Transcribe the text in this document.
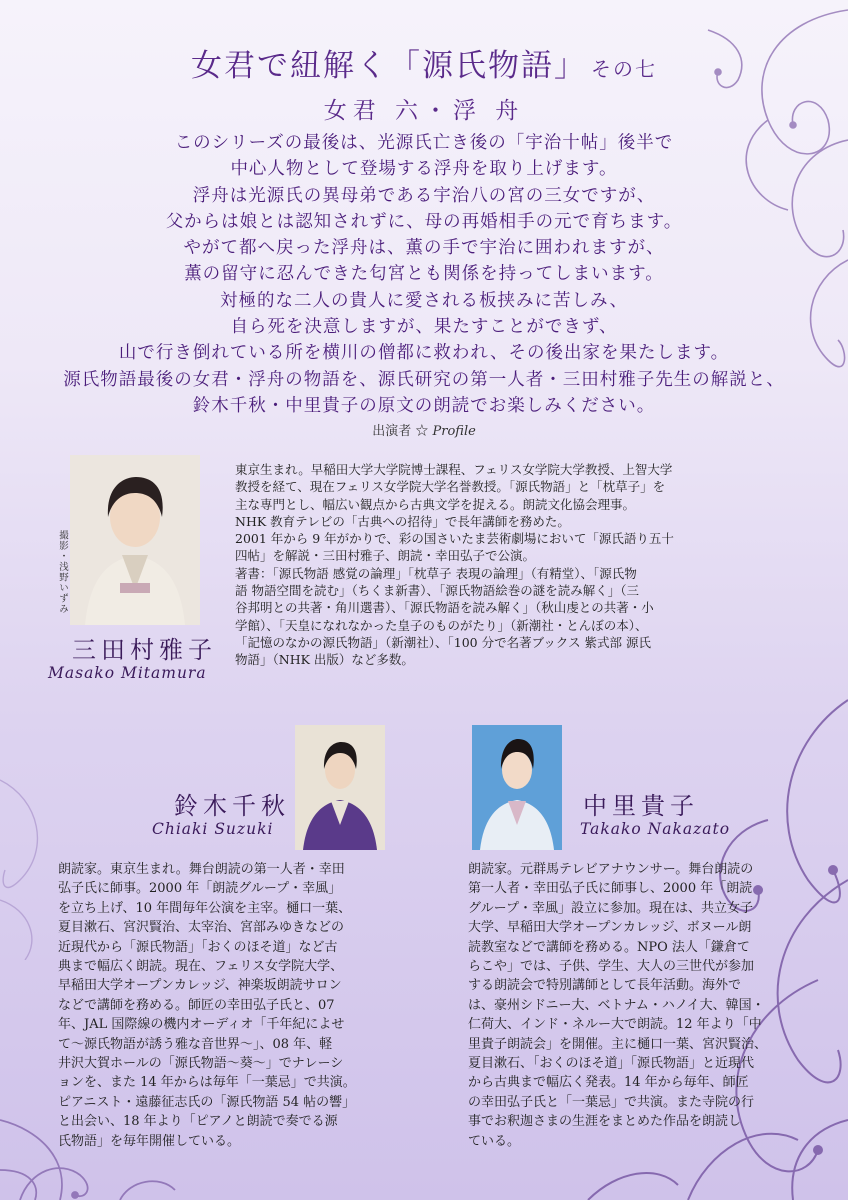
女君で紐解く「源氏物語」 その七
女君 六・浮 舟
このシリーズの最後は、光源氏亡き後の「宇治十帖」後半で
中心人物として登場する浮舟を取り上げます。
浮舟は光源氏の異母弟である宇治八の宮の三女ですが、
父からは娘とは認知されずに、母の再婚相手の元で育ちます。
やがて都へ戻った浮舟は、薫の手で宇治に囲われますが、
薫の留守に忍んできた匂宮とも関係を持ってしまいます。
対極的な二人の貴人に愛される板挟みに苦しみ、
自ら死を決意しますが、果たすことができず、
山で行き倒れている所を横川の僧都に救われ、その後出家を果たします。
源氏物語最後の女君・浮舟の物語を、源氏研究の第一人者・三田村雅子先生の解説と、
鈴木千秋・中里貴子の原文の朗読でお楽しみください。
出演者 ☆ Profile
撮影・浅野いずみ
三田村雅子
Masako Mitamura
東京生まれ。早稲田大学大学院博士課程、フェリス女学院大学教授、上智大学
教授を経て、現在フェリス女学院大学名誉教授。「源氏物語」と「枕草子」を
主な専門とし、幅広い観点から古典文学を捉える。朗読文化協会理事。
NHK 教育テレビの「古典への招待」で長年講師を務めた。
2001 年から 9 年がかりで、彩の国さいたま芸術劇場において「源氏語り五十
四帖」を解説・三田村雅子、朗読・幸田弘子で公演。
著書：「源氏物語 感覚の論理」「枕草子 表現の論理」（有精堂）、「源氏物
語 物語空間を読む」（ちくま新書）、「源氏物語絵巻の謎を読み解く」（三
谷邦明との共著・角川選書）、「源氏物語を読み解く」（秋山虔との共著・小
学館）、「天皇になれなかった皇子のものがたり」（新潮社・とんぼの本）、
「記憶のなかの源氏物語」（新潮社）、「100 分で名著ブックス 紫式部 源氏
物語」（NHK 出版）など多数。
鈴木千秋
Chiaki Suzuki
朗読家。東京生まれ。舞台朗読の第一人者・幸田
弘子氏に師事。2000 年「朗読グループ・幸風」
を立ち上げ、10 年間毎年公演を主宰。樋口一葉、
夏目漱石、宮沢賢治、太宰治、宮部みゆきなどの
近現代から「源氏物語」「おくのほそ道」など古
典まで幅広く朗読。現在、フェリス女学院大学、
早稲田大学オープンカレッジ、神楽坂朗読サロン
などで講師を務める。師匠の幸田弘子氏と、07
年、JAL 国際線の機内オーディオ「千年紀によせ
て〜源氏物語が誘う雅な音世界〜」、08 年、軽
井沢大賀ホールの「源氏物語〜葵〜」でナレーシ
ョンを、また 14 年からは毎年「一葉忌」で共演。
ピアニスト・遠藤征志氏の「源氏物語 54 帖の響」
と出会い、18 年より「ピアノと朗読で奏でる源
氏物語」を毎年開催している。
中里貴子
Takako Nakazato
朗読家。元群馬テレビアナウンサー。舞台朗読の
第一人者・幸田弘子氏に師事し、2000 年「朗読
グループ・幸風」設立に参加。現在は、共立女子
大学、早稲田大学オープンカレッジ、ボヌール朗
読教室などで講師を務める。NPO 法人「鎌倉て
らこや」では、子供、学生、大人の三世代が参加
する朗読会で特別講師として長年活動。海外で
は、豪州シドニー大、ベトナム・ハノイ大、韓国・
仁荷大、インド・ネルー大で朗読。12 年より「中
里貴子朗読会」を開催。主に樋口一葉、宮沢賢治、
夏目漱石、「おくのほそ道」「源氏物語」と近現代
から古典まで幅広く発表。14 年から毎年、師匠
の幸田弘子氏と「一葉忌」で共演。また寺院の行
事でお釈迦さまの生涯をまとめた作品を朗読し
ている。
